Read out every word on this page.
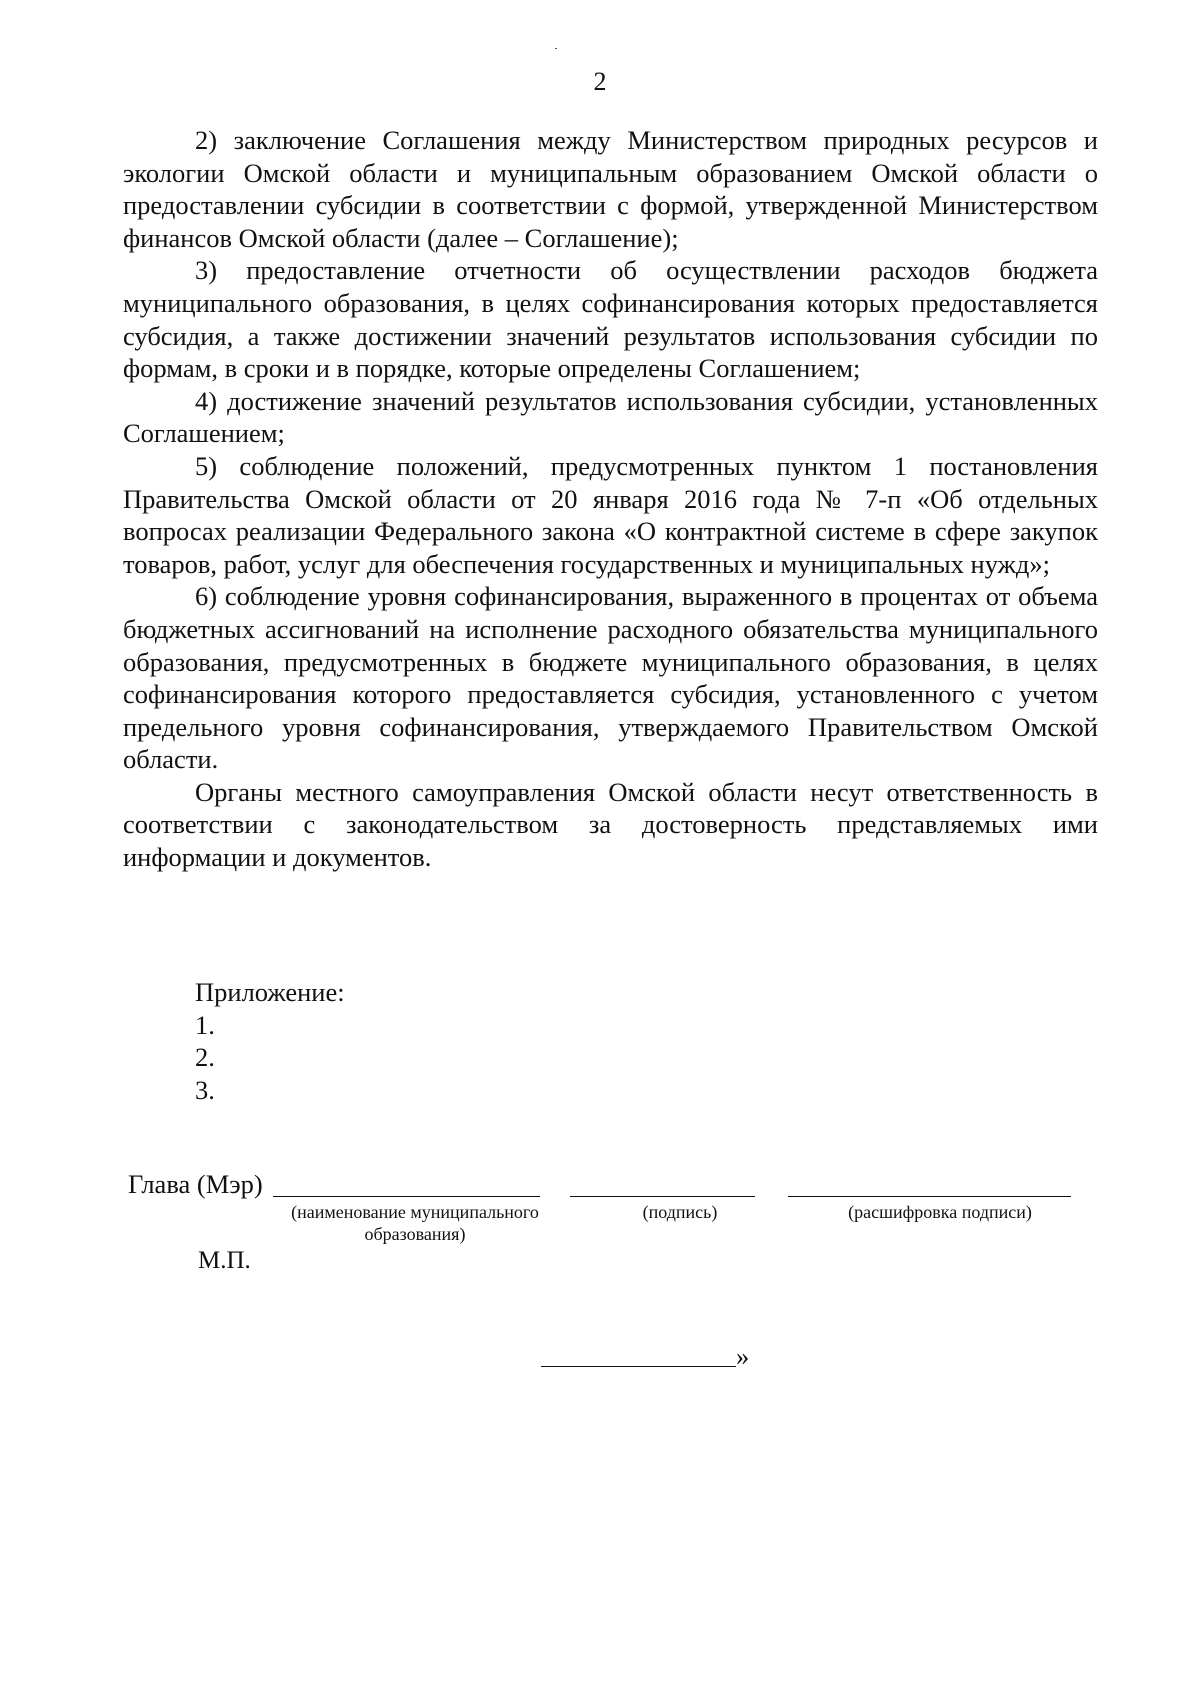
2

2) заключение Соглашения между Министерством природных ресурсов и экологии Омской области и муниципальным образованием Омской области о предоставлении субсидии в соответствии с формой, утвержденной Министерством финансов Омской области (далее – Соглашение);

3) предоставление отчетности об осуществлении расходов бюджета муниципального образования, в целях софинансирования которых предоставляется субсидия, а также достижении значений результатов использования субсидии по формам, в сроки и в порядке, которые определены Соглашением;

4) достижение значений результатов использования субсидии, установленных Соглашением;

5) соблюдение положений, предусмотренных пунктом 1 постановления Правительства Омской области от 20 января 2016 года № 7-п «Об отдельных вопросах реализации Федерального закона «О контрактной системе в сфере закупок товаров, работ, услуг для обеспечения государственных и муниципальных нужд»;

6) соблюдение уровня софинансирования, выраженного в процентах от объема бюджетных ассигнований на исполнение расходного обязательства муниципального образования, предусмотренных в бюджете муниципального образования, в целях софинансирования которого предоставляется субсидия, установленного с учетом предельного уровня софинансирования, утверждаемого Правительством Омской области.

Органы местного самоуправления Омской области несут ответственность в соответствии с законодательством за достоверность представляемых ими информации и документов.

Приложение:
1.
2.
3.
Глава (Мэр)
(наименование муниципального
образования)
(подпись)	(расшифровка подписи)
М.П.
»
